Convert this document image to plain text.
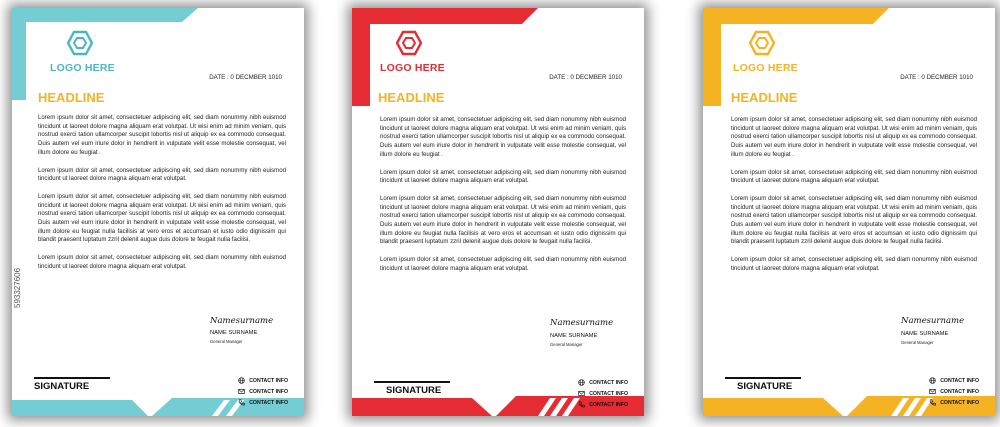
LOGO HERE
DATE : 0 DECMBER 1010
HEADLINE

Lorem ipsum dolor sit amet, consectetuer adipiscing elit, sed diam nonummy nibh euismod tincidunt ut laoreet dolore magna aliquam erat volutpat. Ut wisi enim ad minim veniam, quis nostrud exerci tation ullamcorper suscipit lobortis nisl ut aliquip ex ea commodo consequat. Duis autem vel eum iriure dolor in hendrerit in vulputate velit esse molestie consequat, vel illum dolore eu feugiat .

Lorem ipsum dolor sit amet, consectetuer adipiscing elit, sed diam nonummy nibh euismod tincidunt ut laoreet dolore magna aliquam erat volutpat.

Lorem ipsum dolor sit amet, consectetuer adipiscing elit, sed diam nonummy nibh euismod tincidunt ut laoreet dolore magna aliquam erat volutpat. Ut wisi enim ad minim veniam, quis nostrud exerci tation ullamcorper suscipit lobortis nisl ut aliquip ex ea commodo consequat. Duis autem vel eum iriure dolor in hendrerit in vulputate velit esse molestie consequat, vel illum dolore eu feugiat nulla facilisis at vero eros et accumsan et iusto odio dignissim qui blandit praesent luptatum zzril delenit augue duis dolore te feugait nulla facilisi.

Lorem ipsum dolor sit amet, consectetuer adipiscing elit, sed diam nonummy nibh euismod tincidunt ut laoreet dolore magna aliquam erat volutpat.

Namesurname
NAME SURNAME
General Manager
SIGNATURE
CONTACT INFO
CONTACT INFO
CONTACT INFO
593327606
LOGO HERE
DATE : 0 DECMBER 1010
HEADLINE

Lorem ipsum dolor sit amet, consectetuer adipiscing elit, sed diam nonummy nibh euismod tincidunt ut laoreet dolore magna aliquam erat volutpat. Ut wisi enim ad minim veniam, quis nostrud exerci tation ullamcorper suscipit lobortis nisl ut aliquip ex ea commodo consequat. Duis autem vel eum iriure dolor in hendrerit in vulputate velit esse molestie consequat, vel illum dolore eu feugiat .

Lorem ipsum dolor sit amet, consectetuer adipiscing elit, sed diam nonummy nibh euismod tincidunt ut laoreet dolore magna aliquam erat volutpat.

Lorem ipsum dolor sit amet, consectetuer adipiscing elit, sed diam nonummy nibh euismod tincidunt ut laoreet dolore magna aliquam erat volutpat. Ut wisi enim ad minim veniam, quis nostrud exerci tation ullamcorper suscipit lobortis nisl ut aliquip ex ea commodo consequat. Duis autem vel eum iriure dolor in hendrerit in vulputate velit esse molestie consequat, vel illum dolore eu feugiat nulla facilisis at vero eros et accumsan et iusto odio dignissim qui blandit praesent luptatum zzril delenit augue duis dolore te feugait nulla facilisi.

Lorem ipsum dolor sit amet, consectetuer adipiscing elit, sed diam nonummy nibh euismod tincidunt ut laoreet dolore magna aliquam erat volutpat.

Namesurname
NAME SURNAME
General Manager
SIGNATURE
CONTACT INFO
CONTACT INFO
CONTACT INFO
LOGO HERE
DATE : 0 DECMBER 1010
HEADLINE

Lorem ipsum dolor sit amet, consectetuer adipiscing elit, sed diam nonummy nibh euismod tincidunt ut laoreet dolore magna aliquam erat volutpat. Ut wisi enim ad minim veniam, quis nostrud exerci tation ullamcorper suscipit lobortis nisl ut aliquip ex ea commodo consequat. Duis autem vel eum iriure dolor in hendrerit in vulputate velit esse molestie consequat, vel illum dolore eu feugiat .

Lorem ipsum dolor sit amet, consectetuer adipiscing elit, sed diam nonummy nibh euismod tincidunt ut laoreet dolore magna aliquam erat volutpat.

Lorem ipsum dolor sit amet, consectetuer adipiscing elit, sed diam nonummy nibh euismod tincidunt ut laoreet dolore magna aliquam erat volutpat. Ut wisi enim ad minim veniam, quis nostrud exerci tation ullamcorper suscipit lobortis nisl ut aliquip ex ea commodo consequat. Duis autem vel eum iriure dolor in hendrerit in vulputate velit esse molestie consequat, vel illum dolore eu feugiat nulla facilisis at vero eros et accumsan et iusto odio dignissim qui blandit praesent luptatum zzril delenit augue duis dolore te feugait nulla facilisi.

Lorem ipsum dolor sit amet, consectetuer adipiscing elit, sed diam nonummy nibh euismod tincidunt ut laoreet dolore magna aliquam erat volutpat.

Namesurname
NAME SURNAME
General Manager
SIGNATURE
CONTACT INFO
CONTACT INFO
CONTACT INFO
